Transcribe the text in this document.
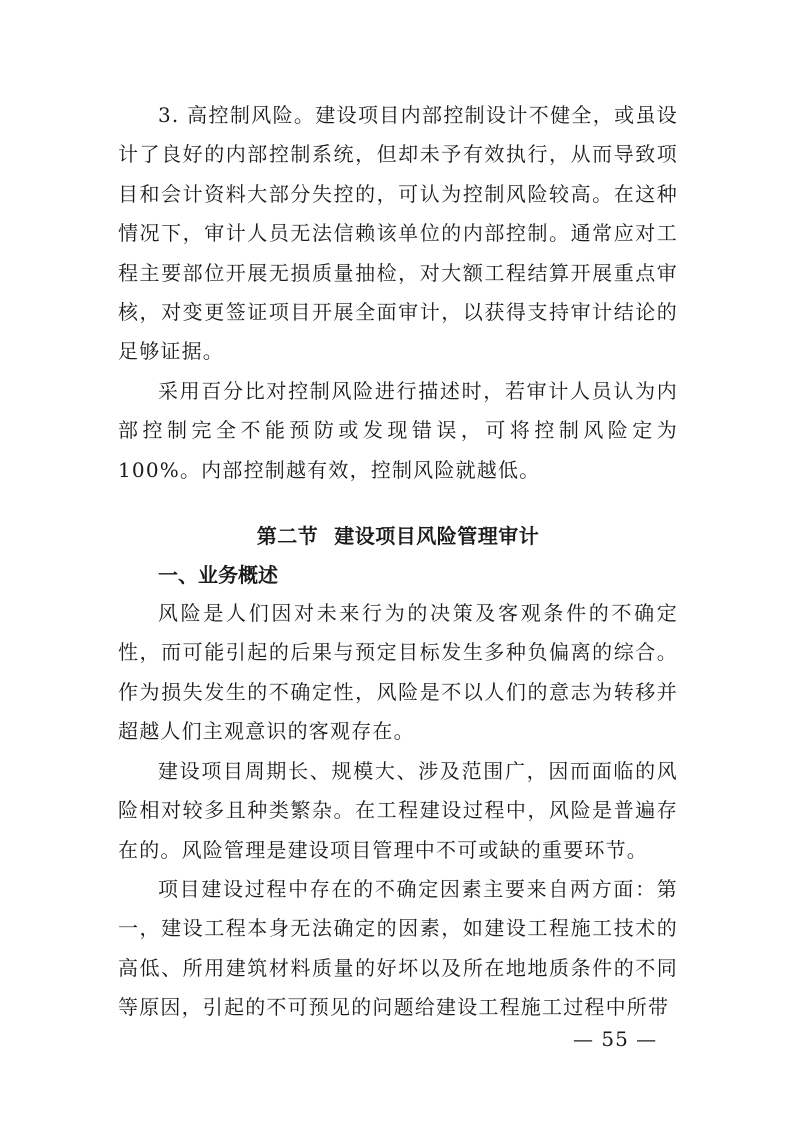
3. 高控制风险。建设项目内部控制设计不健全，或虽设计了良好的内部控制系统，但却未予有效执行，从而导致项目和会计资料大部分失控的，可认为控制风险较高。在这种情况下，审计人员无法信赖该单位的内部控制。通常应对工程主要部位开展无损质量抽检，对大额工程结算开展重点审核，对变更签证项目开展全面审计，以获得支持审计结论的足够证据。

采用百分比对控制风险进行描述时，若审计人员认为内部控制完全不能预防或发现错误，可将控制风险定为100%。内部控制越有效，控制风险就越低。

第二节 建设项目风险管理审计
一、业务概述

风险是人们因对未来行为的决策及客观条件的不确定性，而可能引起的后果与预定目标发生多种负偏离的综合。作为损失发生的不确定性，风险是不以人们的意志为转移并超越人们主观意识的客观存在。

建设项目周期长、规模大、涉及范围广，因而面临的风险相对较多且种类繁杂。在工程建设过程中，风险是普遍存在的。风险管理是建设项目管理中不可或缺的重要环节。

项目建设过程中存在的不确定因素主要来自两方面：第一，建设工程本身无法确定的因素，如建设工程施工技术的高低、所用建筑材料质量的好坏以及所在地地质条件的不同等原因，引起的不可预见的问题给建设工程施工过程中所带

— 55 —
